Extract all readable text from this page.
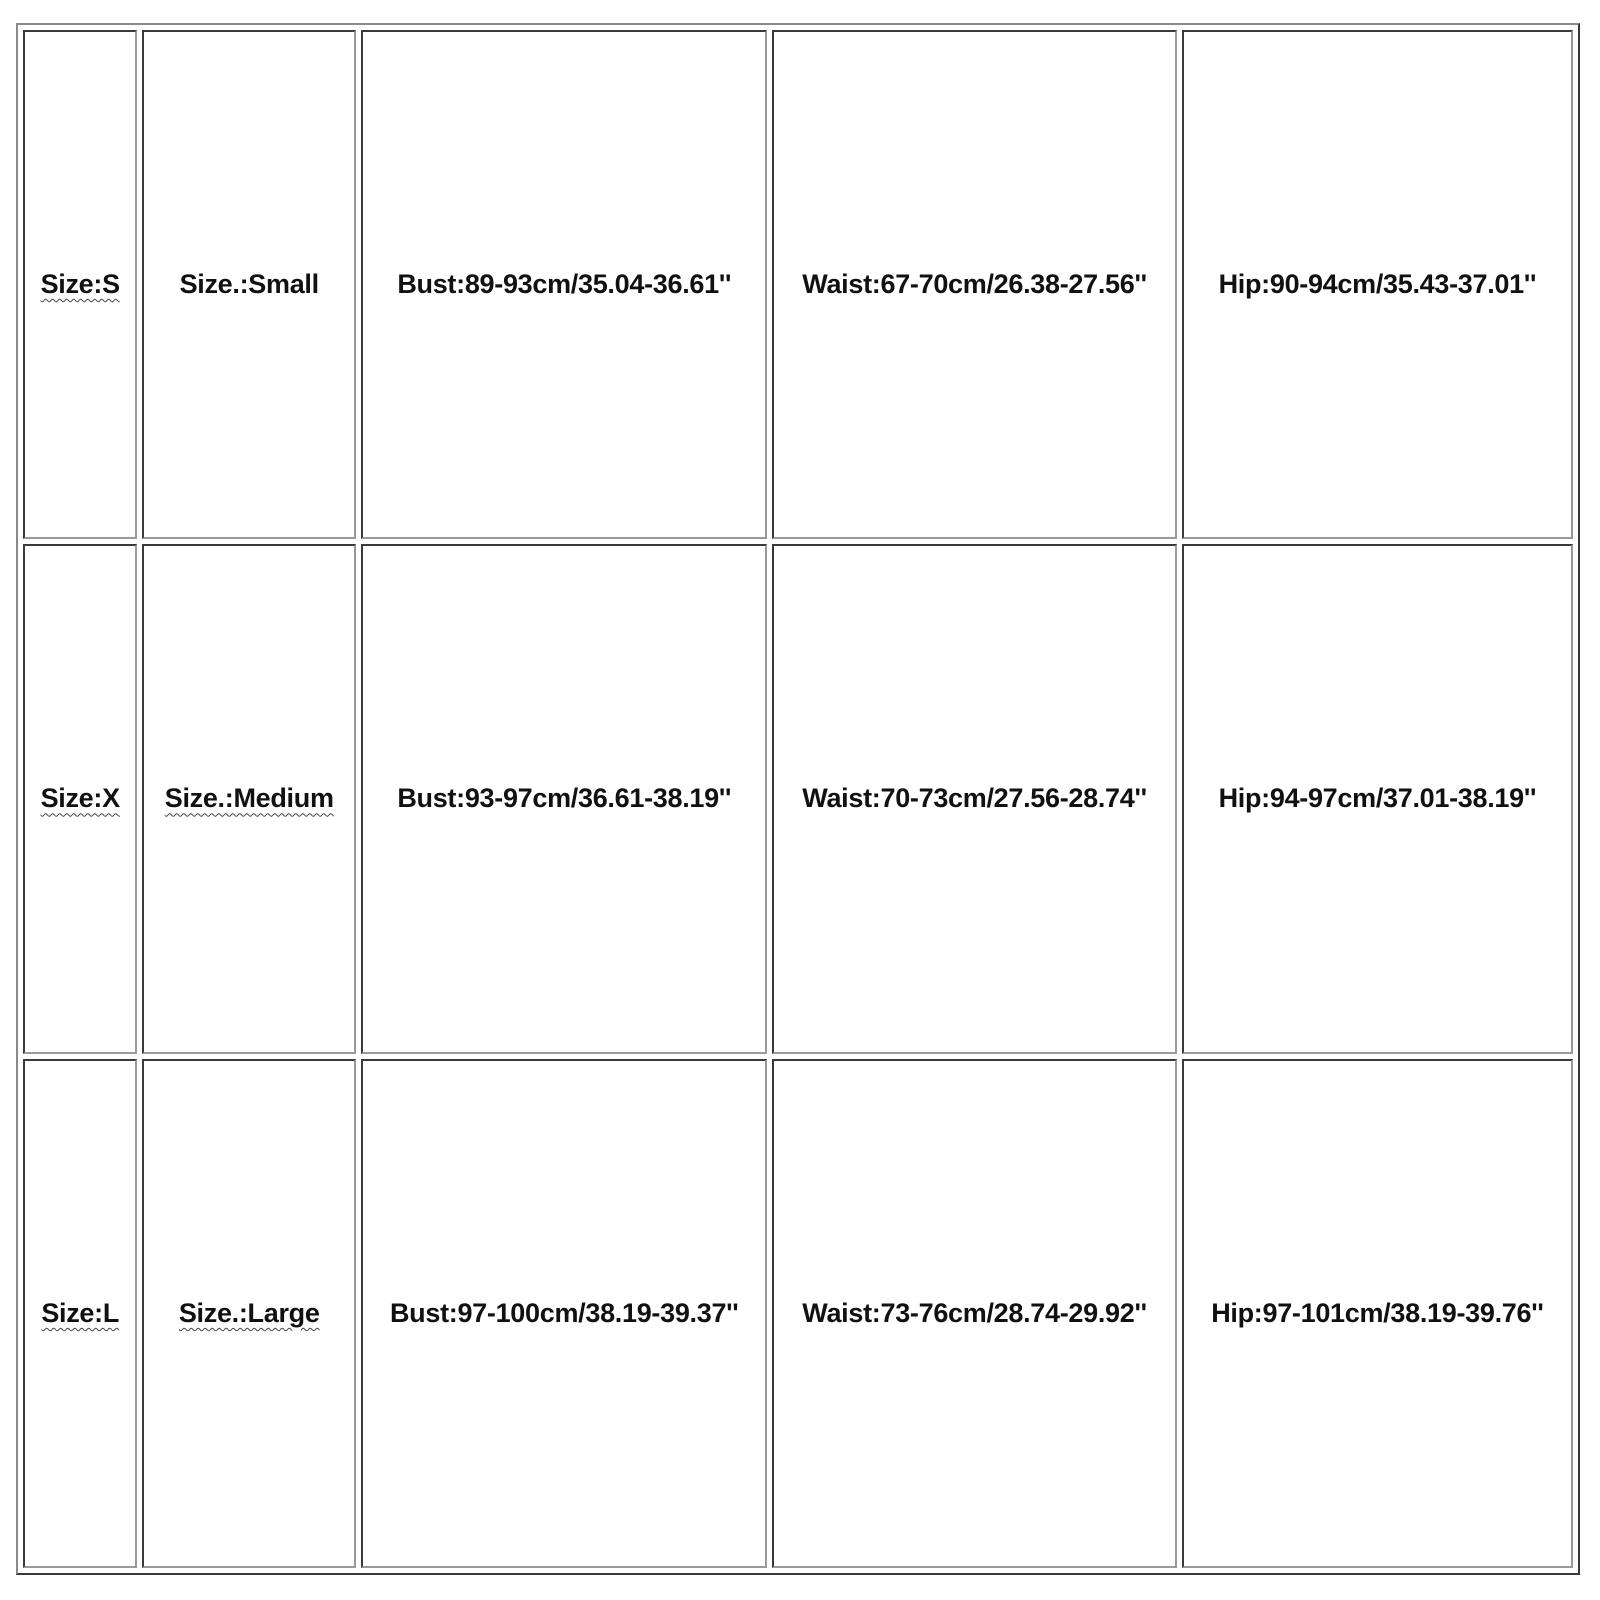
Size:S	Size.:Small	Bust:89-93cm/35.04-36.61''	Waist:67-70cm/26.38-27.56''	Hip:90-94cm/35.43-37.01''
Size:X	Size.:Medium	Bust:93-97cm/36.61-38.19''	Waist:70-73cm/27.56-28.74''	Hip:94-97cm/37.01-38.19''
Size:L	Size.:Large	Bust:97-100cm/38.19-39.37''	Waist:73-76cm/28.74-29.92''	Hip:97-101cm/38.19-39.76''
